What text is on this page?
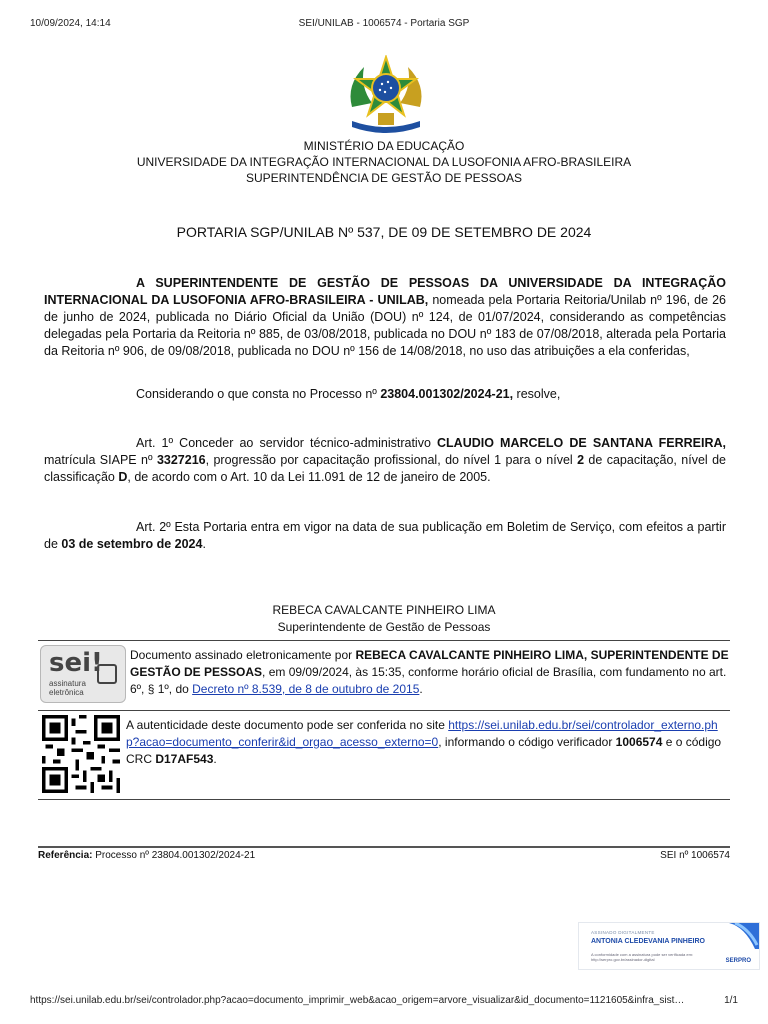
10/09/2024, 14:14	SEI/UNILAB - 1006574 - Portaria SGP
MINISTÉRIO DA EDUCAÇÃO
UNIVERSIDADE DA INTEGRAÇÃO INTERNACIONAL DA LUSOFONIA AFRO-BRASILEIRA
SUPERINTENDÊNCIA DE GESTÃO DE PESSOAS
PORTARIA SGP/UNILAB Nº 537, DE 09 DE SETEMBRO DE 2024
A SUPERINTENDENTE DE GESTÃO DE PESSOAS DA UNIVERSIDADE DA INTEGRAÇÃO INTERNACIONAL DA LUSOFONIA AFRO-BRASILEIRA - UNILAB, nomeada pela Portaria Reitoria/Unilab nº 196, de 26 de junho de 2024, publicada no Diário Oficial da União (DOU) nº 124, de 01/07/2024, considerando as competências delegadas pela Portaria da Reitoria nº 885, de 03/08/2018, publicada no DOU nº 183 de 07/08/2018, alterada pela Portaria da Reitoria nº 906, de 09/08/2018, publicada no DOU nº 156 de 14/08/2018, no uso das atribuições a ela conferidas,
Considerando o que consta no Processo nº 23804.001302/2024-21, resolve,
Art. 1º Conceder ao servidor técnico-administrativo CLAUDIO MARCELO DE SANTANA FERREIRA, matrícula SIAPE nº 3327216, progressão por capacitação profissional, do nível 1 para o nível 2 de capacitação, nível de classificação D, de acordo com o Art. 10 da Lei 11.091 de 12 de janeiro de 2005.
Art. 2º Esta Portaria entra em vigor na data de sua publicação em Boletim de Serviço, com efeitos a partir de 03 de setembro de 2024.
REBECA CAVALCANTE PINHEIRO LIMA
Superintendente de Gestão de Pessoas
sei!
assinatura
eletrônica
Documento assinado eletronicamente por REBECA CAVALCANTE PINHEIRO LIMA, SUPERINTENDENTE DE GESTÃO DE PESSOAS, em 09/09/2024, às 15:35, conforme horário oficial de Brasília, com fundamento no art. 6º, § 1º, do Decreto nº 8.539, de 8 de outubro de 2015.
A autenticidade deste documento pode ser conferida no site https://sei.unilab.edu.br/sei/controlador_externo.php?acao=documento_conferir&id_orgao_acesso_externo=0, informando o código verificador 1006574 e o código CRC D17AF543.
Referência: Processo nº 23804.001302/2024-21	SEI nº 1006574
ASSINADO DIGITALMENTE
ANTONIA CLEDEVANIA PINHEIRO
A conformidade com a assinatura pode ser verificada em: http://serpro.gov.br/assinador-digital	SERPRO
https://sei.unilab.edu.br/sei/controlador.php?acao=documento_imprimir_web&acao_origem=arvore_visualizar&id_documento=1121605&infra_sist…	1/1
